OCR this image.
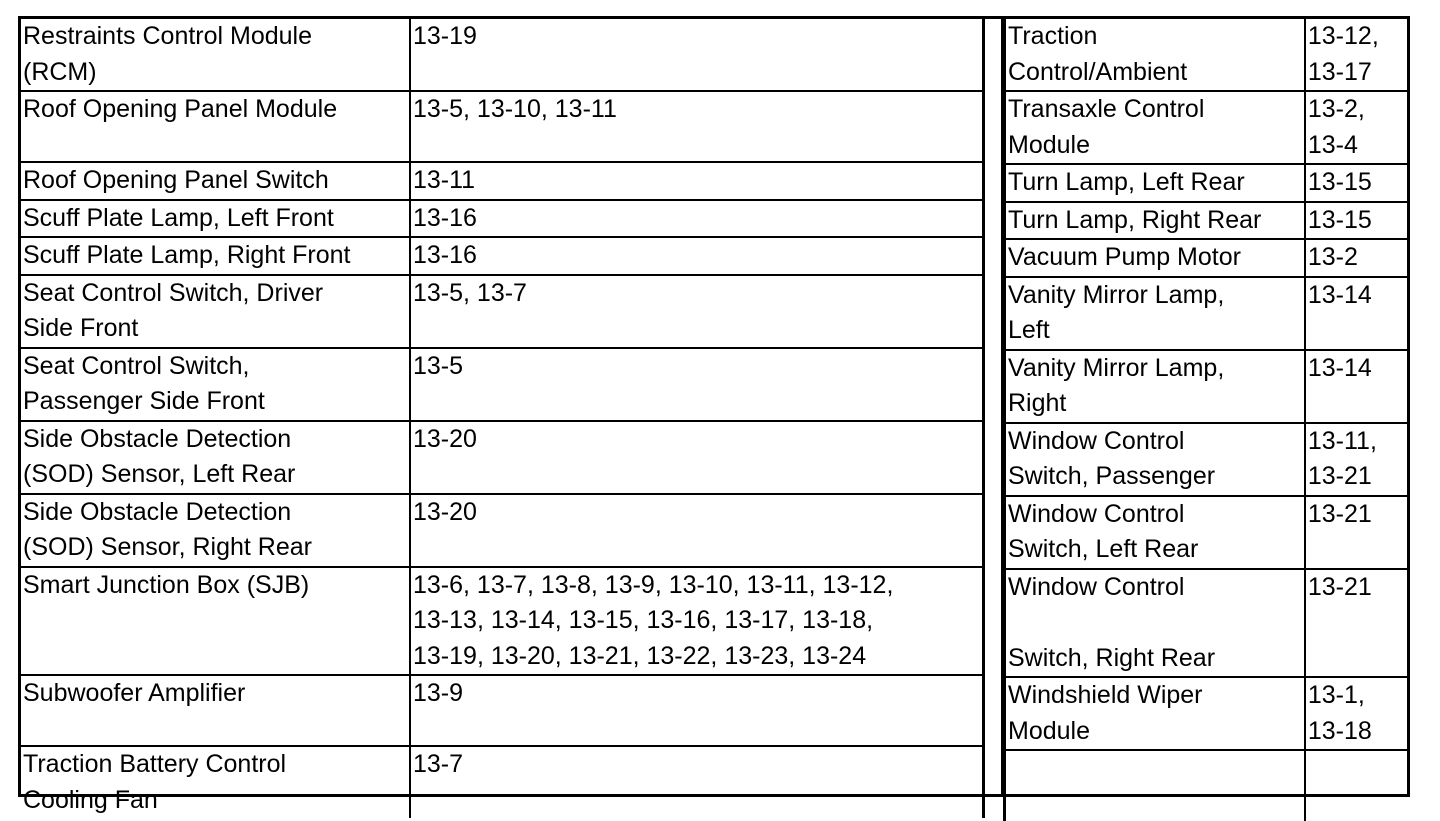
Restraints Control Module
(RCM)	13-19
Roof Opening Panel Module	13-5, 13-10, 13-11
Roof Opening Panel Switch	13-11
Scuff Plate Lamp, Left Front	13-16
Scuff Plate Lamp, Right Front	13-16
Seat Control Switch, Driver
Side Front	13-5, 13-7
Seat Control Switch,
Passenger Side Front	13-5
Side Obstacle Detection
(SOD) Sensor, Left Rear	13-20
Side Obstacle Detection
(SOD) Sensor, Right Rear	13-20
Smart Junction Box (SJB)	13-6, 13-7, 13-8, 13-9, 13-10, 13-11, 13-12,
13-13, 13-14, 13-15, 13-16, 13-17, 13-18,
13-19, 13-20, 13-21, 13-22, 13-23, 13-24
Subwoofer Amplifier	13-9
Traction Battery Control
Cooling Fan	13-7
Traction
Control/Ambient	13-12,
13-17
Transaxle Control
Module	13-2,
13-4
Turn Lamp, Left Rear	13-15
Turn Lamp, Right Rear	13-15
Vacuum Pump Motor	13-2
Vanity Mirror Lamp,
Left	13-14
Vanity Mirror Lamp,
Right	13-14
Window Control
Switch, Passenger	13-11,
13-21
Window Control
Switch, Left Rear	13-21
Window Control

Switch, Right Rear	13-21
Windshield Wiper
Module	13-1,
13-18
